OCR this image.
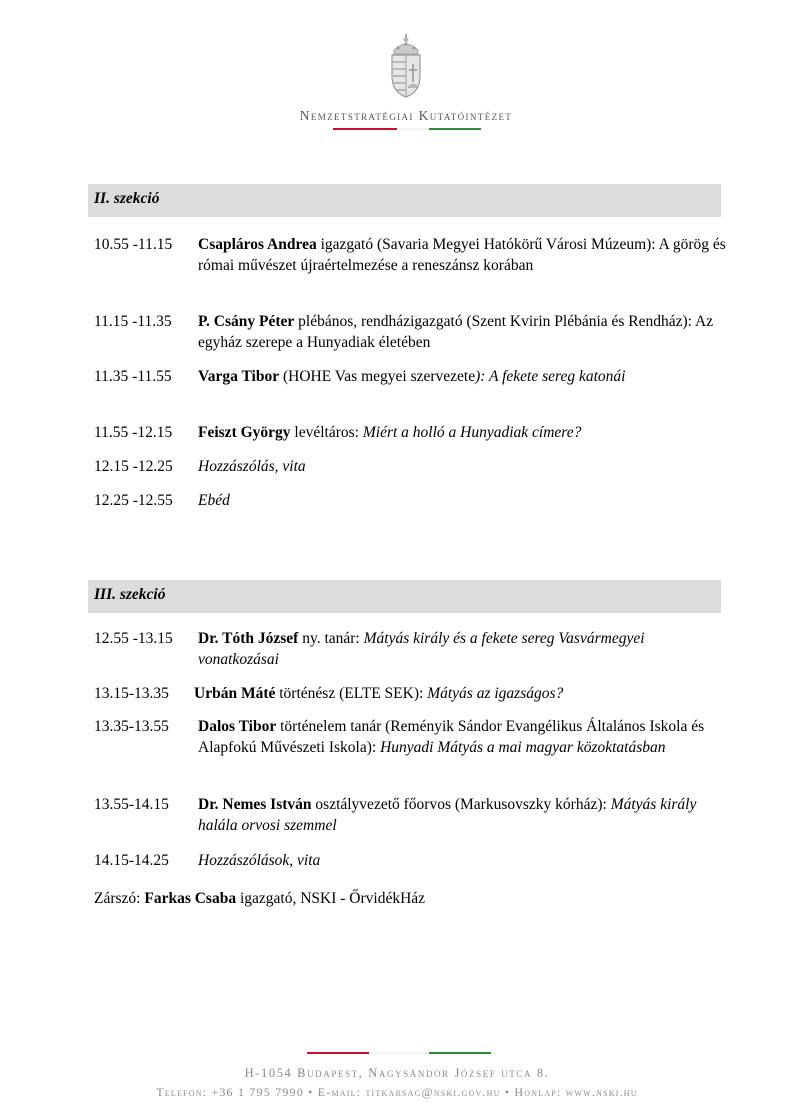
Nemzetstratégiai Kutatóintézet
II. szekció
10.55 -11.15 Csapláros Andrea igazgató (Savaria Megyei Hatókörű Városi Múzeum): A görög és római művészet újraértelmezése a reneszánsz korában
11.15 -11.35 P. Csány Péter plébános, rendházigazgató (Szent Kvirin Plébánia és Rendház): Az egyház szerepe a Hunyadiak életében
11.35 -11.55 Varga Tibor (HOHE Vas megyei szervezete): A fekete sereg katonái
11.55 -12.15 Feiszt György levéltáros: Miért a holló a Hunyadiak címere?
12.15 -12.25 Hozzászólás, vita
12.25 -12.55 Ebéd
III. szekció
12.55 -13.15 Dr. Tóth József ny. tanár: Mátyás király és a fekete sereg Vasvármegyei vonatkozásai
13.15-13.35 Urbán Máté történész (ELTE SEK): Mátyás az igazságos?
13.35-13.55 Dalos Tibor történelem tanár (Reményik Sándor Evangélikus Általános Iskola és Alapfokú Művészeti Iskola): Hunyadi Mátyás a mai magyar közoktatásban
13.55-14.15 Dr. Nemes István osztályvezető főorvos (Markusovszky kórház): Mátyás király halála orvosi szemmel
14.15-14.25 Hozzászólások, vita
Zárszó: Farkas Csaba igazgató, NSKI - ŐrvidékHáz
H-1054 Budapest, Nagysándor József utca 8.
Telefon: +36 1 795 7990 • E-mail: titkarsag@nski.gov.hu • Honlap: www.nski.hu
